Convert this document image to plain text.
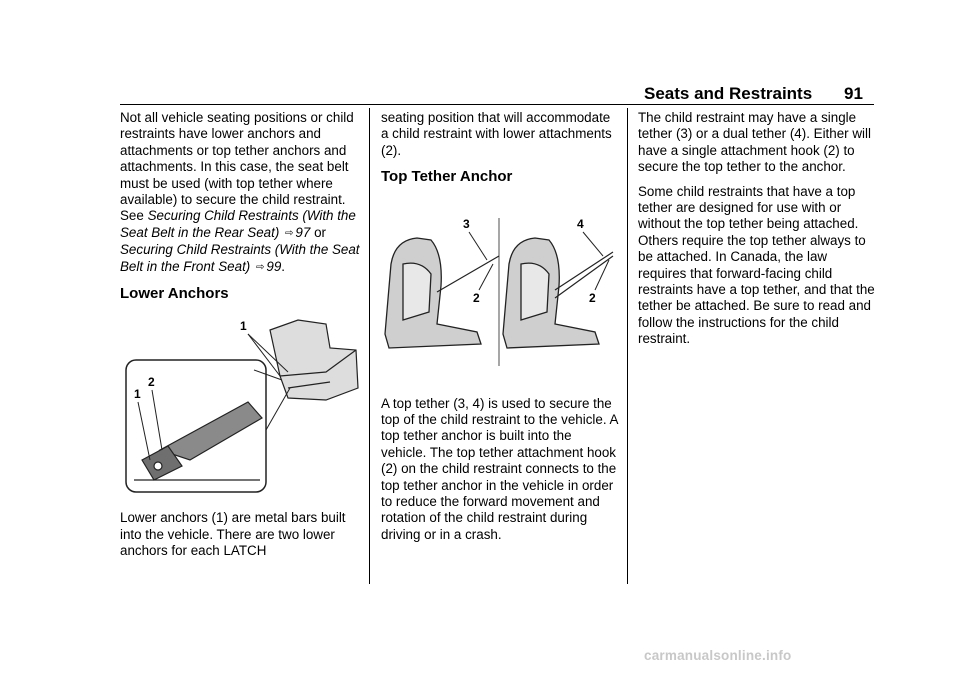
Seats and Restraints 91

Not all vehicle seating positions or child restraints have lower anchors and attachments or top tether anchors and attachments. In this case, the seat belt must be used (with top tether where available) to secure the child restraint.

See Securing Child Restraints (With the Seat Belt in the Rear Seat) ⇨ 97 or Securing Child Restraints (With the Seat Belt in the Front Seat) ⇨ 99.

Lower Anchors
1
2
1

Lower anchors (1) are metal bars built into the vehicle. There are two lower anchors for each LATCH

seating position that will accommodate a child restraint with lower attachments (2).

Top Tether Anchor
3
2
4
2

A top tether (3, 4) is used to secure the top of the child restraint to the vehicle. A top tether anchor is built into the vehicle. The top tether attachment hook (2) on the child restraint connects to the top tether anchor in the vehicle in order to reduce the forward movement and rotation of the child restraint during driving or in a crash.

The child restraint may have a single tether (3) or a dual tether (4). Either will have a single attachment hook (2) to secure the top tether to the anchor.

Some child restraints that have a top tether are designed for use with or without the top tether being attached. Others require the top tether always to be attached. In Canada, the law requires that forward-facing child restraints have a top tether, and that the tether be attached. Be sure to read and follow the instructions for the child restraint.

carmanualsonline.info
